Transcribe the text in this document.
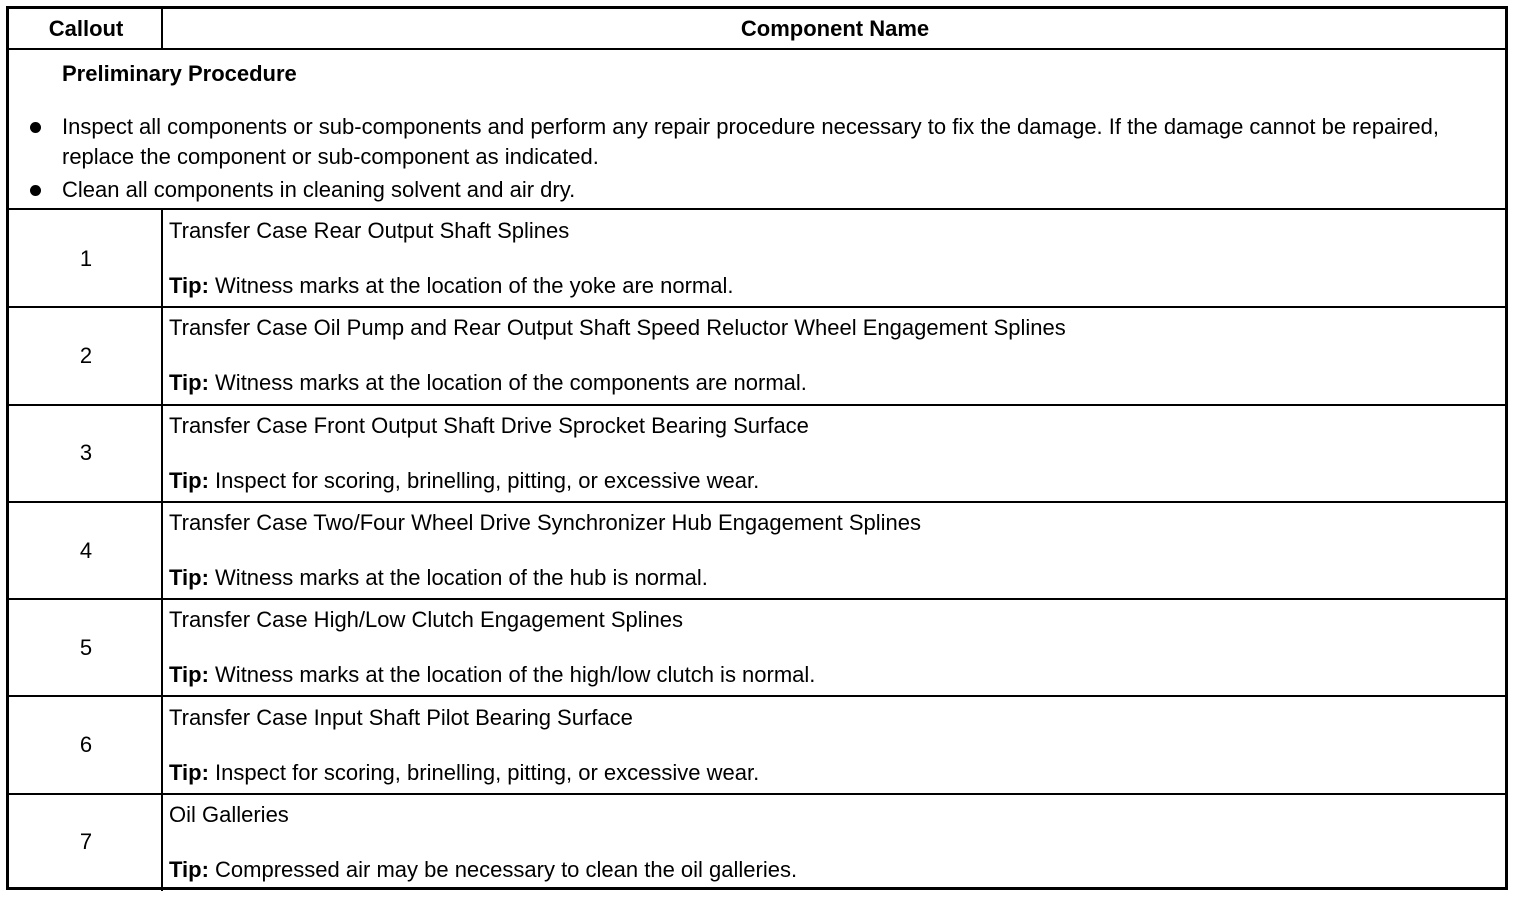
Callout	Component Name
Preliminary Procedure
Inspect all components or sub-components and perform any repair procedure necessary to fix the damage. If the damage cannot be repaired, replace the component or sub-component as indicated.
Clean all components in cleaning solvent and air dry.
1
Transfer Case Rear Output Shaft Splines
Tip: Witness marks at the location of the yoke are normal.
2
Transfer Case Oil Pump and Rear Output Shaft Speed Reluctor Wheel Engagement Splines
Tip: Witness marks at the location of the components are normal.
3
Transfer Case Front Output Shaft Drive Sprocket Bearing Surface
Tip: Inspect for scoring, brinelling, pitting, or excessive wear.
4
Transfer Case Two/Four Wheel Drive Synchronizer Hub Engagement Splines
Tip: Witness marks at the location of the hub is normal.
5
Transfer Case High/Low Clutch Engagement Splines
Tip: Witness marks at the location of the high/low clutch is normal.
6
Transfer Case Input Shaft Pilot Bearing Surface
Tip: Inspect for scoring, brinelling, pitting, or excessive wear.
7
Oil Galleries
Tip: Compressed air may be necessary to clean the oil galleries.
